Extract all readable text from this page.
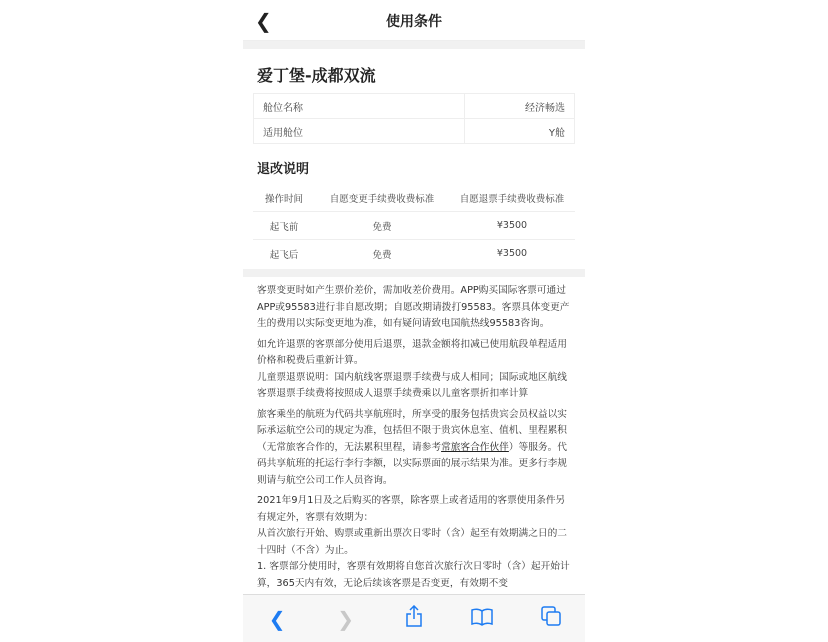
❮	使用条件
爱丁堡-成都双流
舱位名称	经济畅选
适用舱位	Y舱
退改说明
操作时间	自愿变更手续费收费标准	自愿退票手续费收费标准
起飞前	免费	¥3500
起飞后	免费	¥3500

客票变更时如产生票价差价，需加收差价费用。APP购买国际客票可通过APP或95583进行非自愿改期；自愿改期请拨打95583。客票具体变更产生的费用以实际变更地为准，如有疑问请致电国航热线95583咨询。

如允许退票的客票部分使用后退票，退款金额将扣减已使用航段单程适用价格和税费后重新计算。

儿童票退票说明：国内航线客票退票手续费与成人相同；国际或地区航线客票退票手续费将按照成人退票手续费乘以儿童客票折扣率计算

旅客乘坐的航班为代码共享航班时，所享受的服务包括贵宾会员权益以实际承运航空公司的规定为准，包括但不限于贵宾休息室、值机、里程累积（无常旅客合作的，无法累积里程，请参考常旅客合作伙伴）等服务。代码共享航班的托运行李行李额，以实际票面的展示结果为准。更多行李规则请与航空公司工作人员咨询。

2021年9月1日及之后购买的客票，除客票上或者适用的客票使用条件另有规定外，客票有效期为：

从首次旅行开始、购票或重新出票次日零时（含）起至有效期满之日的二十四时（不含）为止。

1. 客票部分使用时，客票有效期将自您首次旅行次日零时（含）起开始计算，365天内有效，无论后续该客票是否变更，有效期不变

❮	❯
